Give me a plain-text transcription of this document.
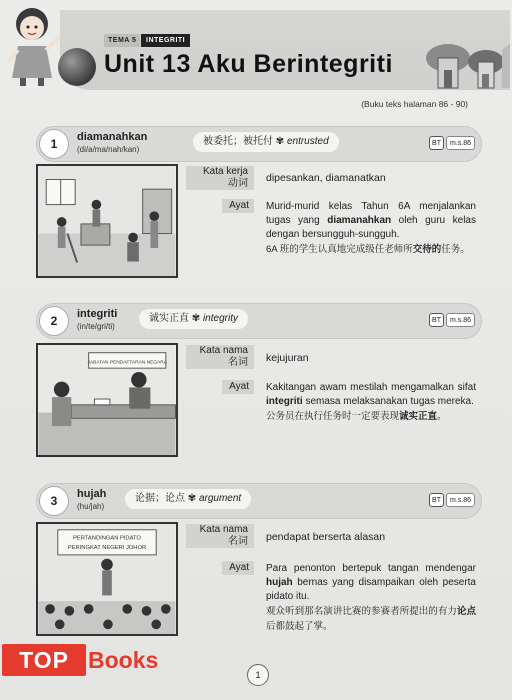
TEMA 5	INTEGRITI
Unit 13 Aku Berintegriti
(Buku teks halaman 86 - 90)
1	diamanahkan
(di/a/ma/nah/kan)
被委托；被托付 ✾ entrusted	BT	m.s.86
Kata kerja
动词 dipesankan, diamanatkan
Ayat	Murid-murid kelas Tahun 6A menjalankan tugas yang diamanahkan oleh guru kelas dengan bersungguh-sungguh.
6A 班的学生认真地完成级任老师所交待的任务。
2	integriti
(in/te/gri/ti)
诚实正直 ✾ integrity	BT	m.s.86
JABATAN PENDAFTARAN NEGARA
Kata nama
名词 kejujuran
Ayat	Kakitangan awam mestilah mengamalkan sifat integriti semasa melaksanakan tugas mereka.
公务员在执行任务时一定要表现诚实正直。
3	hujah
(hu/jah)
论据；论点 ✾ argument	BT	m.s.86
PERTANDINGAN PIDATO
PERINGKAT NEGERI JOHOR
Kata nama
名词 pendapat berserta alasan
Ayat	Para penonton bertepuk tangan mendengar hujah bernas yang disampaikan oleh peserta pidato itu.
观众听到那名演讲比赛的参赛者所提出的有力论点后都鼓起了掌。
TOP Books
1
